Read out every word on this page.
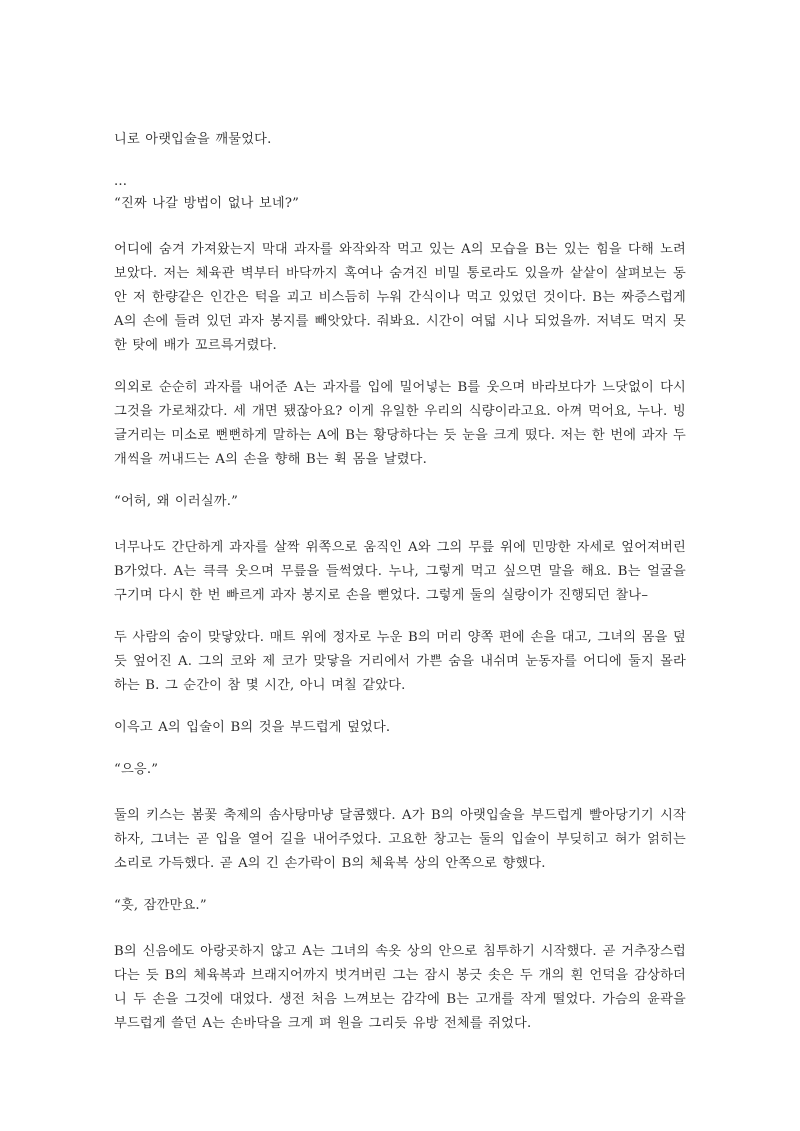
니로 아랫입술을 깨물었다.

...

“진짜 나갈 방법이 없나 보네?”

어디에 숨겨 가져왔는지 막대 과자를 와작와작 먹고 있는 A의 모습을 B는 있는 힘을 다해 노려보았다. 저는 체육관 벽부터 바닥까지 혹여나 숨겨진 비밀 통로라도 있을까 샅샅이 살펴보는 동안 저 한량같은 인간은 턱을 괴고 비스듬히 누워 간식이나 먹고 있었던 것이다. B는 짜증스럽게 A의 손에 들려 있던 과자 봉지를 빼앗았다. 줘봐요. 시간이 여덟 시나 되었을까. 저녁도 먹지 못한 탓에 배가 꼬르륵거렸다.

의외로 순순히 과자를 내어준 A는 과자를 입에 밀어넣는 B를 웃으며 바라보다가 느닷없이 다시 그것을 가로채갔다. 세 개면 됐잖아요? 이게 유일한 우리의 식량이라고요. 아껴 먹어요, 누나. 빙글거리는 미소로 뻔뻔하게 말하는 A에 B는 황당하다는 듯 눈을 크게 떴다. 저는 한 번에 과자 두 개씩을 꺼내드는 A의 손을 향해 B는 휙 몸을 날렸다.

“어허, 왜 이러실까.”

너무나도 간단하게 과자를 살짝 위쪽으로 움직인 A와 그의 무릎 위에 민망한 자세로 엎어져버린 B가었다. A는 큭큭 웃으며 무릎을 들썩였다. 누나, 그렇게 먹고 싶으면 말을 해요. B는 얼굴을 구기며 다시 한 번 빠르게 과자 봉지로 손을 뻗었다. 그렇게 둘의 실랑이가 진행되던 찰나–

두 사람의 숨이 맞닿았다. 매트 위에 정자로 누운 B의 머리 양쪽 편에 손을 대고, 그녀의 몸을 덮듯 엎어진 A. 그의 코와 제 코가 맞닿을 거리에서 가쁜 숨을 내쉬며 눈동자를 어디에 둘지 몰라하는 B. 그 순간이 참 몇 시간, 아니 며칠 같았다.

이윽고 A의 입술이 B의 것을 부드럽게 덮었다.

“으응.”

둘의 키스는 봄꽃 축제의 솜사탕마냥 달콤했다. A가 B의 아랫입술을 부드럽게 빨아당기기 시작하자, 그녀는 곧 입을 열어 길을 내어주었다. 고요한 창고는 둘의 입술이 부딪히고 혀가 얽히는 소리로 가득했다. 곧 A의 긴 손가락이 B의 체육복 상의 안쪽으로 향했다.

“흣, 잠깐만요.”

B의 신음에도 아랑곳하지 않고 A는 그녀의 속옷 상의 안으로 침투하기 시작했다. 곧 거추장스럽다는 듯 B의 체육복과 브래지어까지 벗겨버린 그는 잠시 봉긋 솟은 두 개의 흰 언덕을 감상하더니 두 손을 그것에 대었다. 생전 처음 느껴보는 감각에 B는 고개를 작게 떨었다. 가슴의 윤곽을 부드럽게 쓸던 A는 손바닥을 크게 펴 원을 그리듯 유방 전체를 쥐었다.
